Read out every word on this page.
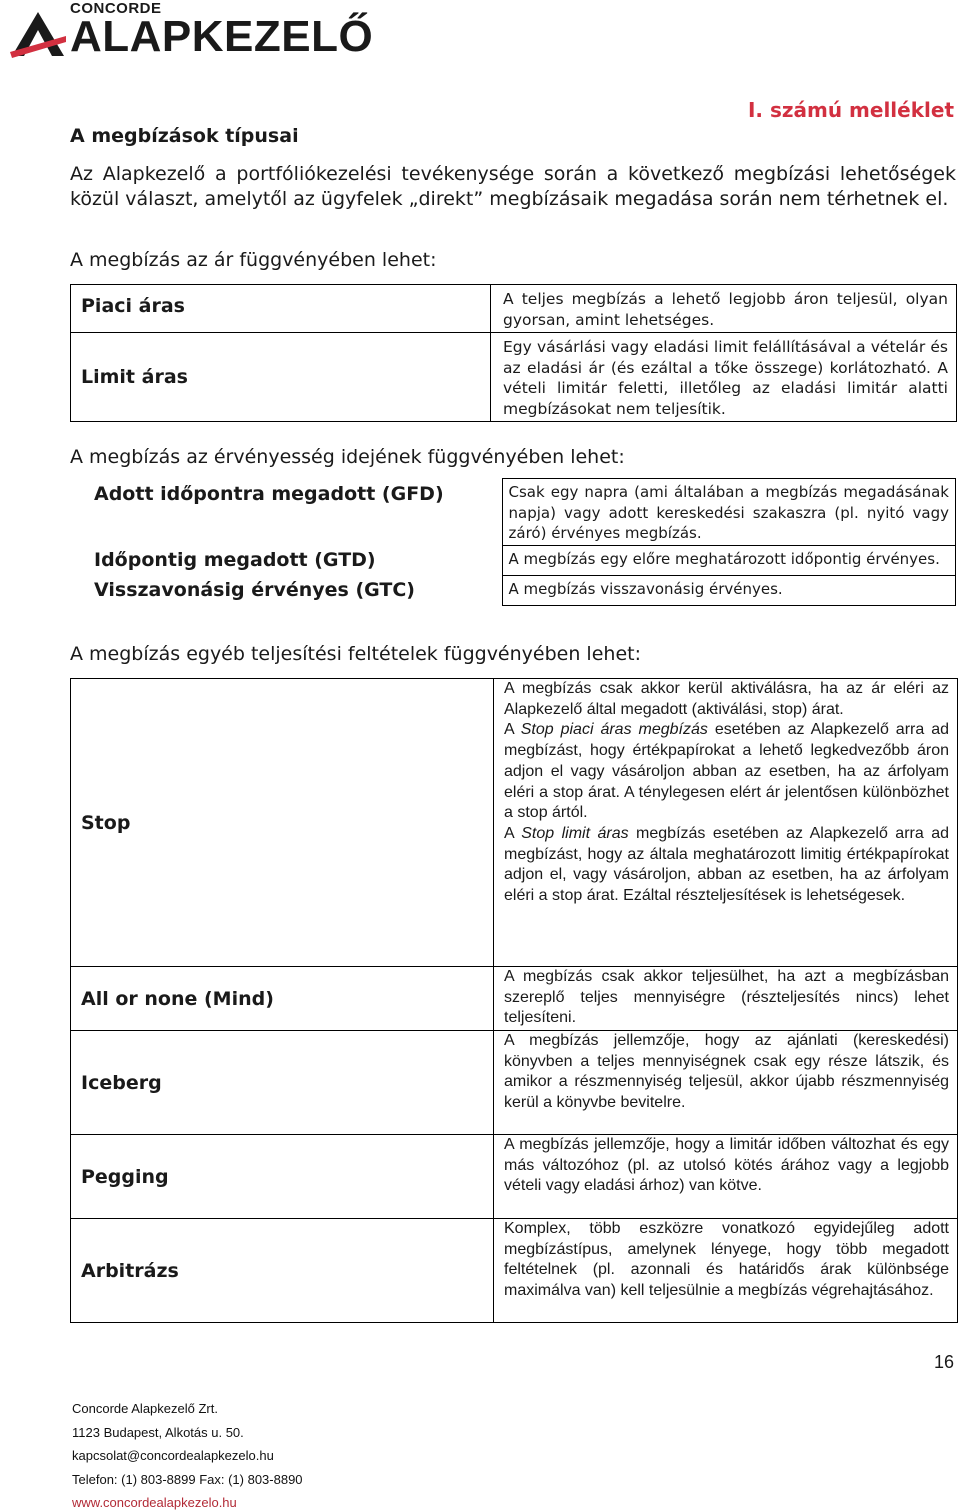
CONCORDE
ALAPKEZELŐ
I. számú melléklet
A megbízások típusai
Az Alapkezelő a portfóliókezelési tevékenysége során a következő megbízási lehetőségek közül választ, amelytől az ügyfelek „direkt” megbízásaik megadása során nem térhetnek el.
A megbízás az ár függvényében lehet:
Piaci áras	A teljes megbízás a lehető legjobb áron teljesül, olyan gyorsan, amint lehetséges.
Limit áras	Egy vásárlási vagy eladási limit felállításával a vételár és az eladási ár (és ezáltal a tőke összege) korlátozható. A vételi limitár feletti, illetőleg az eladási limitár alatti megbízásokat nem teljesítik.
A megbízás az érvényesség idejének függvényében lehet:
Adott időpontra megadott (GFD)	Csak egy napra (ami általában a megbízás megadásának napja) vagy adott kereskedési szakaszra (pl. nyitó vagy záró) érvényes megbízás.
Időpontig megadott (GTD)	A megbízás egy előre meghatározott időpontig érvényes.
Visszavonásig érvényes (GTC)	A megbízás visszavonásig érvényes.
A megbízás egyéb teljesítési feltételek függvényében lehet:
Stop	A megbízás csak akkor kerül aktiválásra, ha az ár eléri az Alapkezelő által megadott (aktiválási, stop) árat.
A Stop piaci áras megbízás esetében az Alapkezelő arra ad megbízást, hogy értékpapírokat a lehető legkedvezőbb áron adjon el vagy vásároljon abban az esetben, ha az árfolyam eléri a stop árat. A ténylegesen elért ár jelentősen különbözhet a stop ártól.
A Stop limit áras megbízás esetében az Alapkezelő arra ad megbízást, hogy az általa meghatározott limitig értékpapírokat adjon el, vagy vásároljon, abban az esetben, ha az árfolyam eléri a stop árat. Ezáltal részteljesítések is lehetségesek.

All or none (Mind)	A megbízás csak akkor teljesülhet, ha azt a megbízásban szereplő teljes mennyiségre (részteljesítés nincs) lehet teljesíteni.
Iceberg	A megbízás jellemzője, hogy az ajánlati (kereskedési) könyvben a teljes mennyiségnek csak egy része látszik, és amikor a részmennyiség teljesül, akkor újabb részmennyiség kerül a könyvbe bevitelre.
Pegging	A megbízás jellemzője, hogy a limitár időben változhat és egy más változóhoz (pl. az utolsó kötés árához vagy a legjobb vételi vagy eladási árhoz) van kötve.
Arbitrázs	Komplex, több eszközre vonatkozó egyidejűleg adott megbízástípus, amelynek lényege, hogy több megadott feltételnek (pl. azonnali és határidős árak különbsége maximálva van) kell teljesülnie a megbízás végrehajtásához.
16
Concorde Alapkezelő Zrt.
1123 Budapest, Alkotás u. 50.
kapcsolat@concordealapkezelo.hu
Telefon: (1) 803-8899 Fax: (1) 803-8890
www.concordealapkezelo.hu
